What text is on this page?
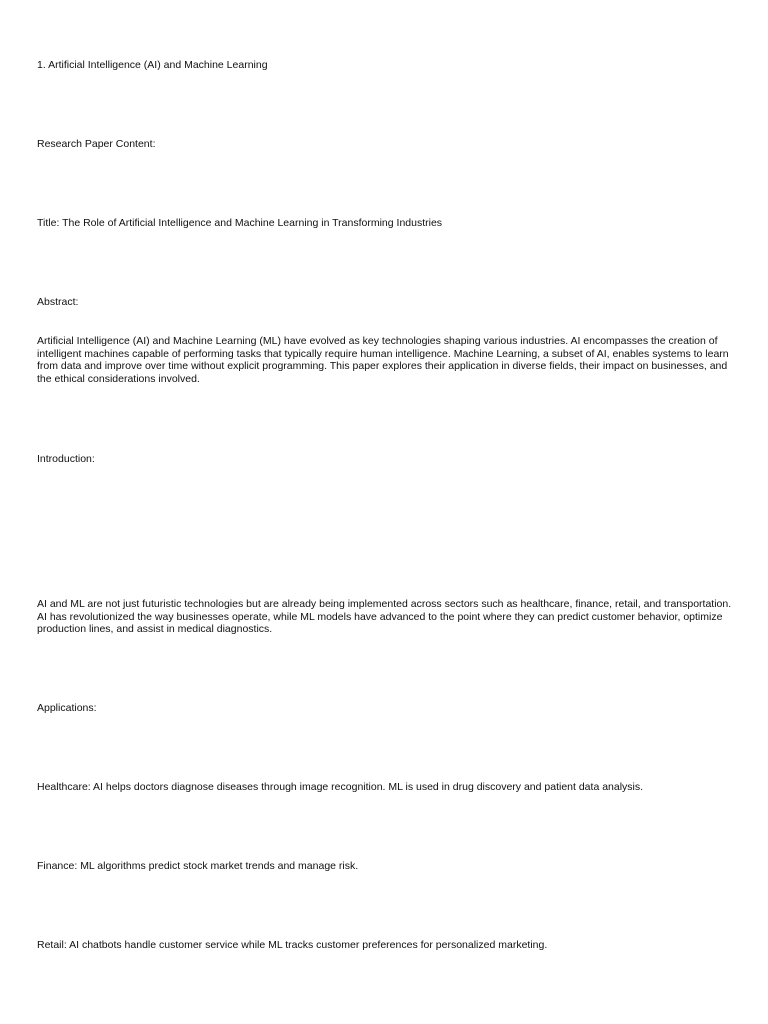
1. Artificial Intelligence (AI) and Machine Learning

Research Paper Content:

Title: The Role of Artificial Intelligence and Machine Learning in Transforming Industries

Abstract:

Artificial Intelligence (AI) and Machine Learning (ML) have evolved as key technologies shaping various industries. AI encompasses the creation of intelligent machines capable of performing tasks that typically require human intelligence. Machine Learning, a subset of AI, enables systems to learn from data and improve over time without explicit programming. This paper explores their application in diverse fields, their impact on businesses, and the ethical considerations involved.

Introduction:

AI and ML are not just futuristic technologies but are already being implemented across sectors such as healthcare, finance, retail, and transportation. AI has revolutionized the way businesses operate, while ML models have advanced to the point where they can predict customer behavior, optimize production lines, and assist in medical diagnostics.

Applications:

Healthcare: AI helps doctors diagnose diseases through image recognition. ML is used in drug discovery and patient data analysis.

Finance: ML algorithms predict stock market trends and manage risk.

Retail: AI chatbots handle customer service while ML tracks customer preferences for personalized marketing.
